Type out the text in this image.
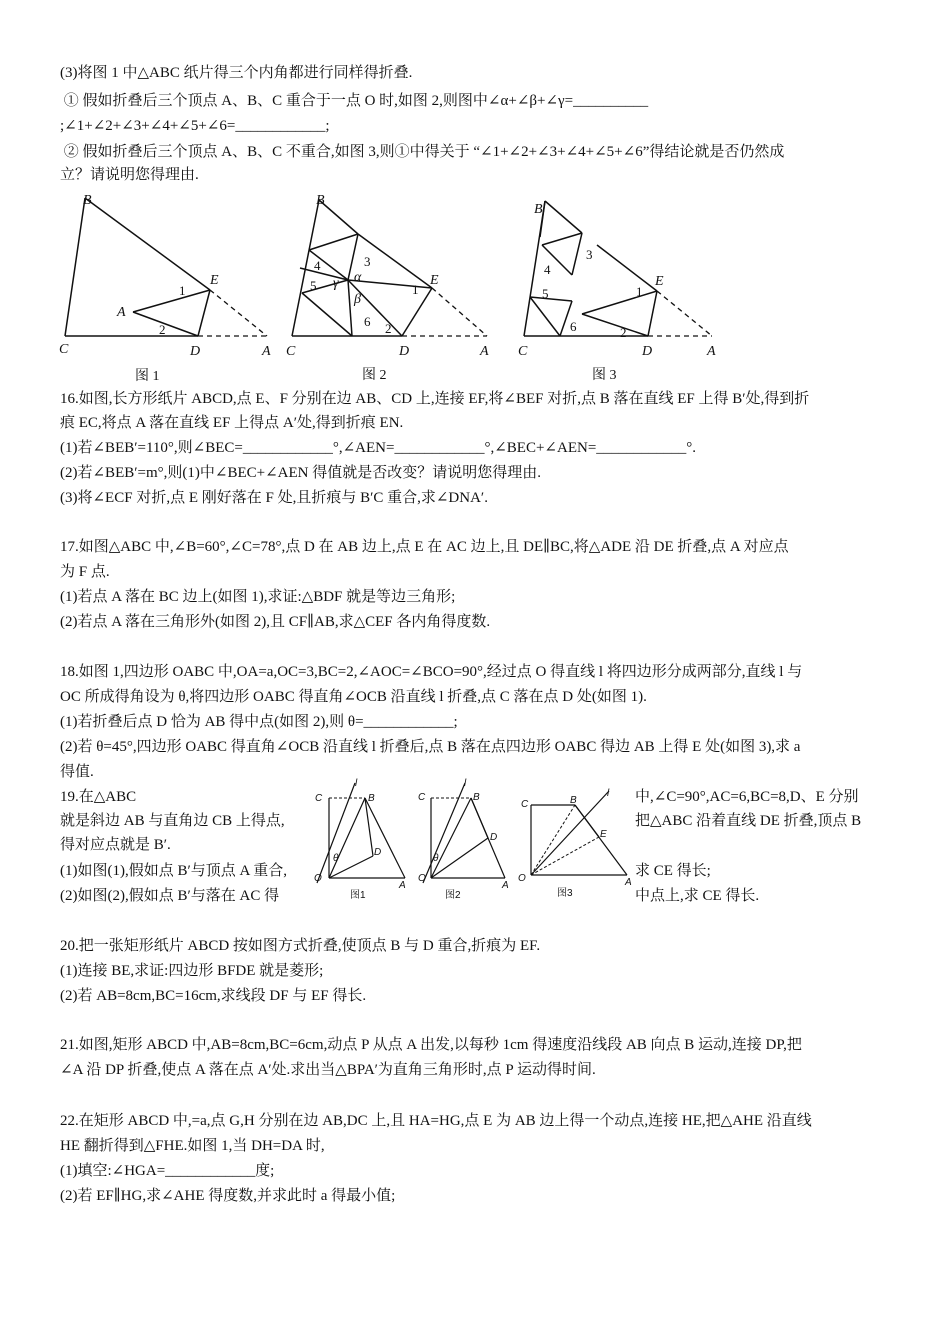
(3)将图 1 中△ABC 纸片得三个内角都进行同样得折叠.
① 假如折叠后三个顶点 A、B、C 重合于一点 O 时,如图 2,则图中∠α+∠β+∠γ=__________
;∠1+∠2+∠3+∠4+∠5+∠6=____________;
② 假如折叠后三个顶点 A、B、C 不重合,如图 3,则①中得关于 “∠1+∠2+∠3+∠4+∠5+∠6”得结论就是否仍然成
立？请说明您得理由.
B
C	D	A
E
A
1
2
图 1
B
C	D	A
E
1
2
3
4
5
6
α
β
γ
图 2
B
C	D	A
E
1
2
3
4
5
6
图 3
16.如图,长方形纸片 ABCD,点 E、F 分别在边 AB、CD 上,连接 EF,将∠BEF 对折,点 B 落在直线 EF 上得 B′处,得到折
痕 EC,将点 A 落在直线 EF 上得点 A′处,得到折痕 EN.
(1)若∠BEB′=110°,则∠BEC=____________°,∠AEN=____________°,∠BEC+∠AEN=____________°.
(2)若∠BEB′=m°,则(1)中∠BEC+∠AEN 得值就是否改变？请说明您得理由.
(3)将∠ECF 对折,点 E 刚好落在 F 处,且折痕与 B′C 重合,求∠DNA′.
17.如图△ABC 中,∠B=60°,∠C=78°,点 D 在 AB 边上,点 E 在 AC 边上,且 DE∥BC,将△ADE 沿 DE 折叠,点 A 对应点
为 F 点.
(1)若点 A 落在 BC 边上(如图 1),求证:△BDF 就是等边三角形;
(2)若点 A 落在三角形外(如图 2),且 CF∥AB,求△CEF 各内角得度数.
18.如图 1,四边形 OABC 中,OA=a,OC=3,BC=2,∠AOC=∠BCO=90°,经过点 O 得直线 l 将四边形分成两部分,直线 l 与
OC 所成得角设为 θ,将四边形 OABC 得直角∠OCB 沿直线 l 折叠,点 C 落在点 D 处(如图 1).
(1)若折叠后点 D 恰为 AB 得中点(如图 2),则 θ=____________;
(2)若 θ=45°,四边形 OABC 得直角∠OCB 沿直线 l 折叠后,点 B 落在点四边形 OABC 得边 AB 上得 E 处(如图 3),求 a
得值.
19.在△ABC	中,∠C=90°,AC=6,BC=8,D、E 分别
就是斜边 AB 与直角边 CB 上得点,	把△ABC 沿着直线 DE 折叠,顶点 B
得对应点就是 B′.
(1)如图(1),假如点 B′与顶点 A 重合,	求 CE 得长;
(2)如图(2),假如点 B′与落在 AC 得	中点上,求 CE 得长.
l
C	B
D
O
A
θ
图1
l
C	B
D
O
A
θ
图2
l
C	B
E
O	A
图3
20.把一张矩形纸片 ABCD 按如图方式折叠,使顶点 B 与 D 重合,折痕为 EF.
(1)连接 BE,求证:四边形 BFDE 就是菱形;
(2)若 AB=8cm,BC=16cm,求线段 DF 与 EF 得长.
21.如图,矩形 ABCD 中,AB=8cm,BC=6cm,动点 P 从点 A 出发,以每秒 1cm 得速度沿线段 AB 向点 B 运动,连接 DP,把
∠A 沿 DP 折叠,使点 A 落在点 A′处.求出当△BPA′为直角三角形时,点 P 运动得时间.
22.在矩形 ABCD 中,=a,点 G,H 分别在边 AB,DC 上,且 HA=HG,点 E 为 AB 边上得一个动点,连接 HE,把△AHE 沿直线
HE 翻折得到△FHE.如图 1,当 DH=DA 时,
(1)填空:∠HGA=____________度;
(2)若 EF∥HG,求∠AHE 得度数,并求此时 a 得最小值;
